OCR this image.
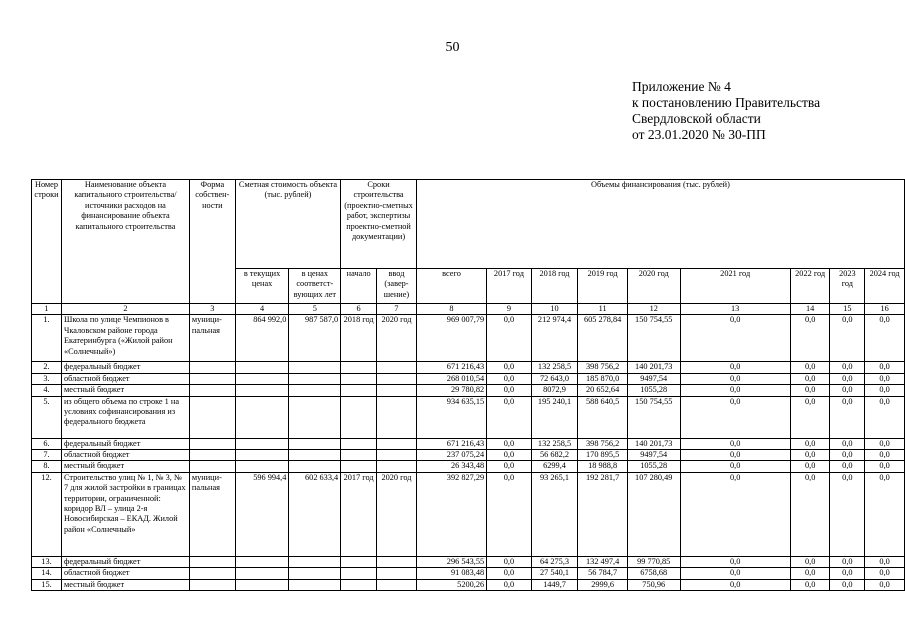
50
Приложение № 4
к постановлению Правительства
Свердловской области
от 23.01.2020 № 30-ПП
Номер строки	Наименование объекта капитального строительства/ источники расходов на финансирование объекта капитального строительства	Форма собствен-ности	Сметная стоимость объекта (тыс. рублей)		Сроки строительства (проектно-сметных работ, экспертизы проектно-сметной документации)		Объемы финансирования (тыс. рублей)								
			в текущих ценах	в ценах соответст-вующих лет	начало	ввод (завер-шение)	всего	2017 год	2018 год	2019 год	2020 год	2021 год	2022 год	2023 год	2024 год
1	2	3	4	5	6	7	8	9	10	11	12	13	14	15	16
1.	Школа по улице Чемпионов в Чкаловском районе города Екатеринбурга («Жилой район «Солнечный»)	муници-пальная	864 992,0	987 587,0	2018 год	2020 год	969 007,79	0,0	212 974,4	605 278,84	150 754,55	0,0	0,0	0,0	0,0
2.	федеральный бюджет						671 216,43	0,0	132 258,5	398 756,2	140 201,73	0,0	0,0	0,0	0,0
3.	областной бюджет						268 010,54	0,0	72 643,0	185 870,0	9497,54	0,0	0,0	0,0	0,0
4.	местный бюджет						29 780,82	0,0	8072,9	20 652,64	1055,28	0,0	0,0	0,0	0,0
5.	из общего объема по строке 1 на условиях софинансирования из федерального бюджета						934 635,15	0,0	195 240,1	588 640,5	150 754,55	0,0	0,0	0,0	0,0
6.	федеральный бюджет						671 216,43	0,0	132 258,5	398 756,2	140 201,73	0,0	0,0	0,0	0,0
7.	областной бюджет						237 075,24	0,0	56 682,2	170 895,5	9497,54	0,0	0,0	0,0	0,0
8.	местный бюджет						26 343,48	0,0	6299,4	18 988,8	1055,28	0,0	0,0	0,0	0,0
12.	Строительство улиц № 1, № 3, № 7 для жилой застройки в границах территории, ограниченной: коридор ВЛ – улица 2-я Новосибирская – ЕКАД. Жилой район «Солнечный»	муници-пальная	596 994,4	602 633,4	2017 год	2020 год	392 827,29	0,0	93 265,1	192 281,7	107 280,49	0,0	0,0	0,0	0,0
13.	федеральный бюджет						296 543,55	0,0	64 275,3	132 497,4	99 770,85	0,0	0,0	0,0	0,0
14.	областной бюджет						91 083,48	0,0	27 540,1	56 784,7	6758,68	0,0	0,0	0,0	0,0
15.	местный бюджет						5200,26	0,0	1449,7	2999,6	750,96	0,0	0,0	0,0	0,0
